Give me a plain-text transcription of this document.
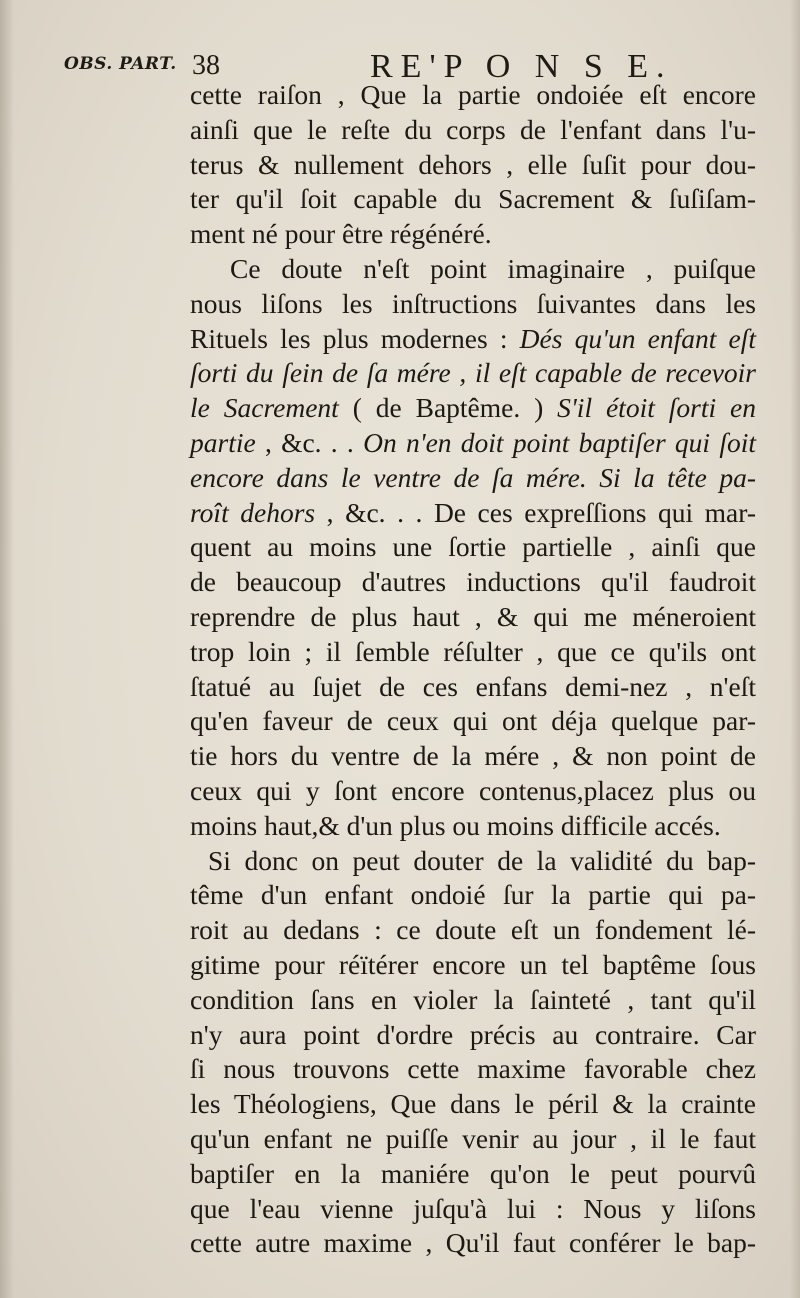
OBS. PART. 38	RE'P O N S E.
cette raiſon , Que la partie ondoiée eſt encore
ainſi que le reſte du corps de l'enfant dans l'u-
terus & nullement dehors , elle ſuſit pour dou-
ter qu'il ſoit capable du Sacrement & ſuſiſam-
ment né pour être régénéré.
Ce doute n'eſt point imaginaire , puiſque
nous liſons les inſtructions ſuivantes dans les
Rituels les plus modernes : Dés qu'un enfant eſt
ſorti du ſein de ſa mére , il eſt capable de recevoir
le Sacrement ( de Baptême. ) S'il étoit ſorti en
partie , &c. . . On n'en doit point baptiſer qui ſoit
encore dans le ventre de ſa mére. Si la tête pa-
roît dehors , &c. . . De ces expreſſions qui mar-
quent au moins une ſortie partielle , ainſi que
de beaucoup d'autres inductions qu'il faudroit
reprendre de plus haut , & qui me méneroient
trop loin ; il ſemble réſulter , que ce qu'ils ont
ſtatué au ſujet de ces enfans demi-nez , n'eſt
qu'en faveur de ceux qui ont déja quelque par-
tie hors du ventre de la mére , & non point de
ceux qui y ſont encore contenus,placez plus ou
moins haut,& d'un plus ou moins difficile accés.
Si donc on peut douter de la validité du bap-
tême d'un enfant ondoié ſur la partie qui pa-
roit au dedans : ce doute eſt un fondement lé-
gitime pour réïtérer encore un tel baptême ſous
condition ſans en violer la ſainteté , tant qu'il
n'y aura point d'ordre précis au contraire. Car
ſi nous trouvons cette maxime favorable chez
les Théologiens, Que dans le péril & la crainte
qu'un enfant ne puiſſe venir au jour , il le faut
baptiſer en la maniére qu'on le peut pourvû
que l'eau vienne juſqu'à lui : Nous y liſons
cette autre maxime , Qu'il faut conférer le bap-
